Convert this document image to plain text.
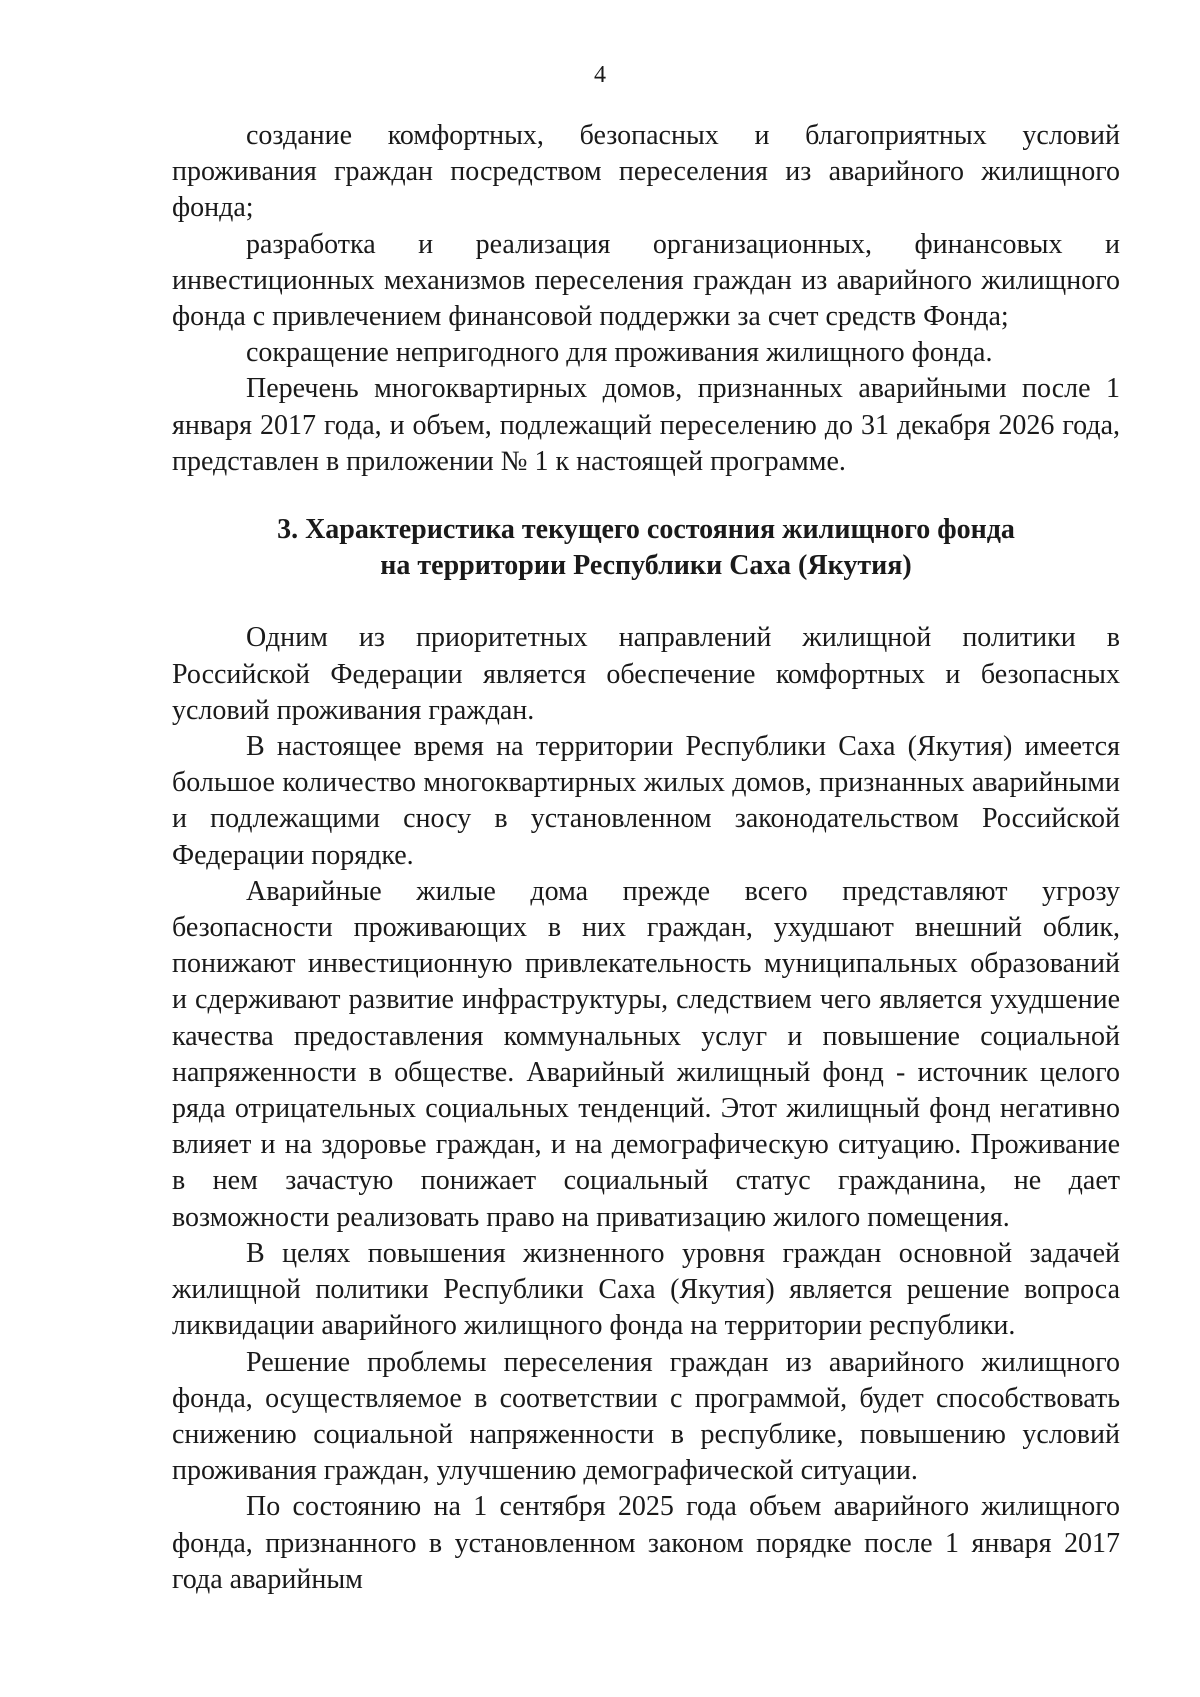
4

создание комфортных, безопасных и благоприятных условий проживания граждан посредством переселения из аварийного жилищного фонда;

разработка и реализация организационных, финансовых и инвестиционных механизмов переселения граждан из аварийного жилищного фонда с привлечением финансовой поддержки за счет средств Фонда;

сокращение непригодного для проживания жилищного фонда.

Перечень многоквартирных домов, признанных аварийными после 1 января 2017 года, и объем, подлежащий переселению до 31 декабря 2026 года, представлен в приложении № 1 к настоящей программе.

3. Характеристика текущего состояния жилищного фонда
на территории Республики Саха (Якутия)

Одним из приоритетных направлений жилищной политики в Российской Федерации является обеспечение комфортных и безопасных условий проживания граждан.

В настоящее время на территории Республики Саха (Якутия) имеется большое количество многоквартирных жилых домов, признанных аварийными и подлежащими сносу в установленном законодательством Российской Федерации порядке.

Аварийные жилые дома прежде всего представляют угрозу безопасности проживающих в них граждан, ухудшают внешний облик, понижают инвестиционную привлекательность муниципальных образований и сдерживают развитие инфраструктуры, следствием чего является ухудшение качества предоставления коммунальных услуг и повышение социальной напряженности в обществе. Аварийный жилищный фонд - источник целого ряда отрицательных социальных тенденций. Этот жилищный фонд негативно влияет и на здоровье граждан, и на демографическую ситуацию. Проживание в нем зачастую понижает социальный статус гражданина, не дает возможности реализовать право на приватизацию жилого помещения.

В целях повышения жизненного уровня граждан основной задачей жилищной политики Республики Саха (Якутия) является решение вопроса ликвидации аварийного жилищного фонда на территории республики.

Решение проблемы переселения граждан из аварийного жилищного фонда, осуществляемое в соответствии с программой, будет способствовать снижению социальной напряженности в республике, повышению условий проживания граждан, улучшению демографической ситуации.

По состоянию на 1 сентября 2025 года объем аварийного жилищного фонда, признанного в установленном законом порядке после 1 января 2017 года аварийным
